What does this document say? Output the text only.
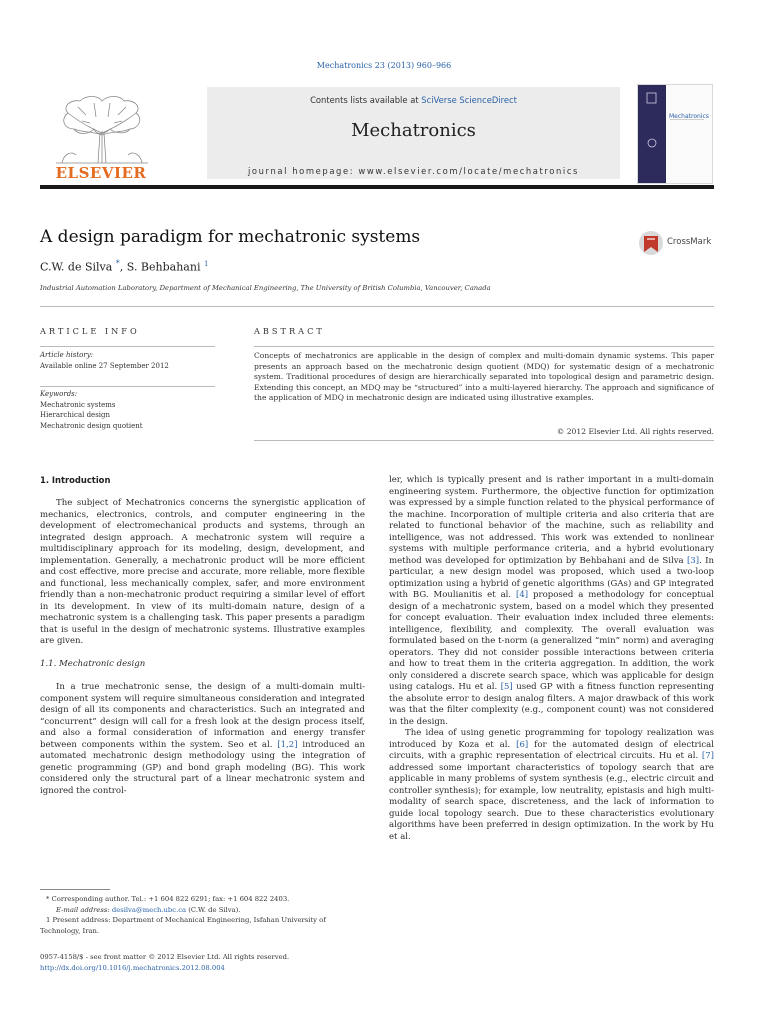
Mechatronics 23 (2013) 960–966
ELSEVIER
Contents lists available at SciVerse ScienceDirect
Mechatronics
journal homepage: www.elsevier.com/locate/mechatronics
Mechatronics
A design paradigm for mechatronic systems	CrossMark
C.W. de Silva *, S. Behbahani $^1$
Industrial Automation Laboratory, Department of Mechanical Engineering, The University of British Columbia, Vancouver, Canada
ARTICLE INFO	ABSTRACT
Article history:
Available online 27 September 2012
Keywords:
Mechatronic systems
Hierarchical design
Mechatronic design quotient
Concepts of mechatronics are applicable in the design of complex and multi-domain dynamic systems. This paper presents an approach based on the mechatronic design quotient (MDQ) for systematic design of a mechatronic system. Traditional procedures of design are hierarchically separated into topological design and parametric design. Extending this concept, an MDQ may be “structured” into a multi-layered hierarchy. The approach and significance of the application of MDQ in mechatronic design are indicated using illustrative examples.
© 2012 Elsevier Ltd. All rights reserved.

1. Introduction

The subject of Mechatronics concerns the synergistic application of mechanics, electronics, controls, and computer engineering in the development of electromechanical products and systems, through an integrated design approach. A mechatronic system will require a multidisciplinary approach for its modeling, design, development, and implementation. Generally, a mechatronic product will be more efficient and cost effective, more precise and accurate, more reliable, more flexible and functional, less mechanically complex, safer, and more environment friendly than a non-mechatronic product requiring a similar level of effort in its development. In view of its multi-domain nature, design of a mechatronic system is a challenging task. This paper presents a paradigm that is useful in the design of mechatronic systems. Illustrative examples are given.

1.1. Mechatronic design

In a true mechatronic sense, the design of a multi-domain multi-component system will require simultaneous consideration and integrated design of all its components and characteristics. Such an integrated and “concurrent” design will call for a fresh look at the design process itself, and also a formal consideration of information and energy transfer between components within the system. Seo et al. [1,2] introduced an automated mechatronic design methodology using the integration of genetic programming (GP) and bond graph modeling (BG). This work considered only the structural part of a linear mechatronic system and ignored the control-

* Corresponding author. Tel.: +1 604 822 6291; fax: +1 604 822 2403.
E-mail address: desilva@mech.ubc.ca (C.W. de Silva).
1 Present address: Department of Mechanical Engineering, Isfahan University of Technology, Iran.
0957-4158/$ - see front matter © 2012 Elsevier Ltd. All rights reserved.
http://dx.doi.org/10.1016/j.mechatronics.2012.08.004

ler, which is typically present and is rather important in a multi-domain engineering system. Furthermore, the objective function for optimization was expressed by a simple function related to the physical performance of the machine. Incorporation of multiple criteria and also criteria that are related to functional behavior of the machine, such as reliability and intelligence, was not addressed. This work was extended to nonlinear systems with multiple performance criteria, and a hybrid evolutionary method was developed for optimization by Behbahani and de Silva [3]. In particular, a new design model was proposed, which used a two-loop optimization using a hybrid of genetic algorithms (GAs) and GP integrated with BG. Moulianitis et al. [4] proposed a methodology for conceptual design of a mechatronic system, based on a model which they presented for concept evaluation. Their evaluation index included three elements: intelligence, flexibility, and complexity. The overall evaluation was formulated based on the t-norm (a generalized “min” norm) and averaging operators. They did not consider possible interactions between criteria and how to treat them in the criteria aggregation. In addition, the work only considered a discrete search space, which was applicable for design using catalogs. Hu et al. [5] used GP with a fitness function representing the absolute error to design analog filters. A major drawback of this work was that the filter complexity (e.g., component count) was not considered in the design.

The idea of using genetic programming for topology realization was introduced by Koza et al. [6] for the automated design of electrical circuits, with a graphic representation of electrical circuits. Hu et al. [7] addressed some important characteristics of topology search that are applicable in many problems of system synthesis (e.g., electric circuit and controller synthesis); for example, low neutrality, epistasis and high multi-modality of search space, discreteness, and the lack of information to guide local topology search. Due to these characteristics evolutionary algorithms have been preferred in design optimization. In the work by Hu et al.
